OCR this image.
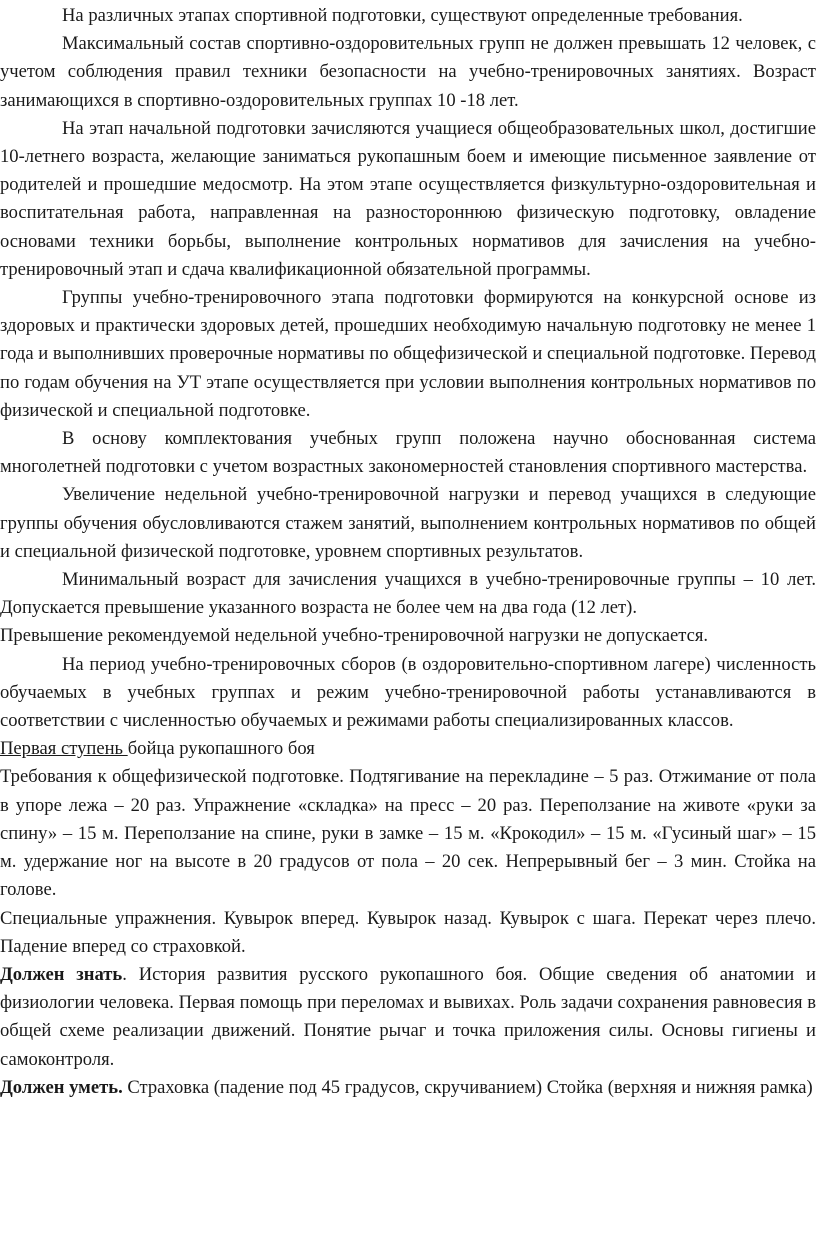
На различных этапах спортивной подготовки, существуют определенные требования.

Максимальный состав спортивно-оздоровительных групп не должен превышать 12 человек, с учетом соблюдения правил техники безопасности на учебно-тренировочных занятиях. Возраст занимающихся в спортивно-оздоровительных группах 10 -18 лет.

На этап начальной подготовки зачисляются учащиеся общеобразовательных школ, достигшие 10-летнего возраста, желающие заниматься рукопашным боем и имеющие письменное заявление от родителей и прошедшие медосмотр. На этом этапе осуществляется физкультурно-оздоровительная и воспитательная работа, направленная на разностороннюю физическую подготовку, овладение основами техники борьбы, выполнение контрольных нормативов для зачисления на учебно-тренировочный этап и сдача квалификационной обязательной программы.

Группы учебно-тренировочного этапа подготовки формируются на конкурсной основе из здоровых и практически здоровых детей, прошедших необходимую начальную подготовку не менее 1 года и выполнивших проверочные нормативы по общефизической и специальной подготовке. Перевод по годам обучения на УТ этапе осуществляется при условии выполнения контрольных нормативов по физической и специальной подготовке.

В основу комплектования учебных групп положена научно обоснованная система многолетней подготовки с учетом возрастных закономерностей становления спортивного мастерства.

Увеличение недельной учебно-тренировочной нагрузки и перевод учащихся в следующие группы обучения обусловливаются стажем занятий, выполнением контрольных нормативов по общей и специальной физической подготовке, уровнем спортивных результатов.

Минимальный возраст для зачисления учащихся в учебно-тренировочные группы – 10 лет. Допускается превышение указанного возраста не более чем на два года (12 лет).

Превышение рекомендуемой недельной учебно-тренировочной нагрузки не допускается.

На период учебно-тренировочных сборов (в оздоровительно-спортивном лагере) численность обучаемых в учебных группах и режим учебно-тренировочной работы устанавливаются в соответствии с численностью обучаемых и режимами работы специализированных классов.

Первая ступень бойца рукопашного боя

Требования к общефизической подготовке. Подтягивание на перекладине – 5 раз. Отжимание от пола в упоре лежа – 20 раз. Упражнение «складка» на пресс – 20 раз. Переползание на животе «руки за спину» – 15 м. Переползание на спине, руки в замке – 15 м. «Крокодил» – 15 м. «Гусиный шаг» – 15 м. удержание ног на высоте в 20 градусов от пола – 20 сек. Непрерывный бег – 3 мин. Стойка на голове.

Специальные упражнения. Кувырок вперед. Кувырок назад. Кувырок с шага. Перекат через плечо. Падение вперед со страховкой.

Должен знать. История развития русского рукопашного боя. Общие сведения об анатомии и физиологии человека. Первая помощь при переломах и вывихах. Роль задачи сохранения равновесия в общей схеме реализации движений. Понятие рычаг и точка приложения силы. Основы гигиены и самоконтроля.

Должен уметь. Страховка (падение под 45 градусов, скручиванием) Стойка (верхняя и нижняя рамка)
